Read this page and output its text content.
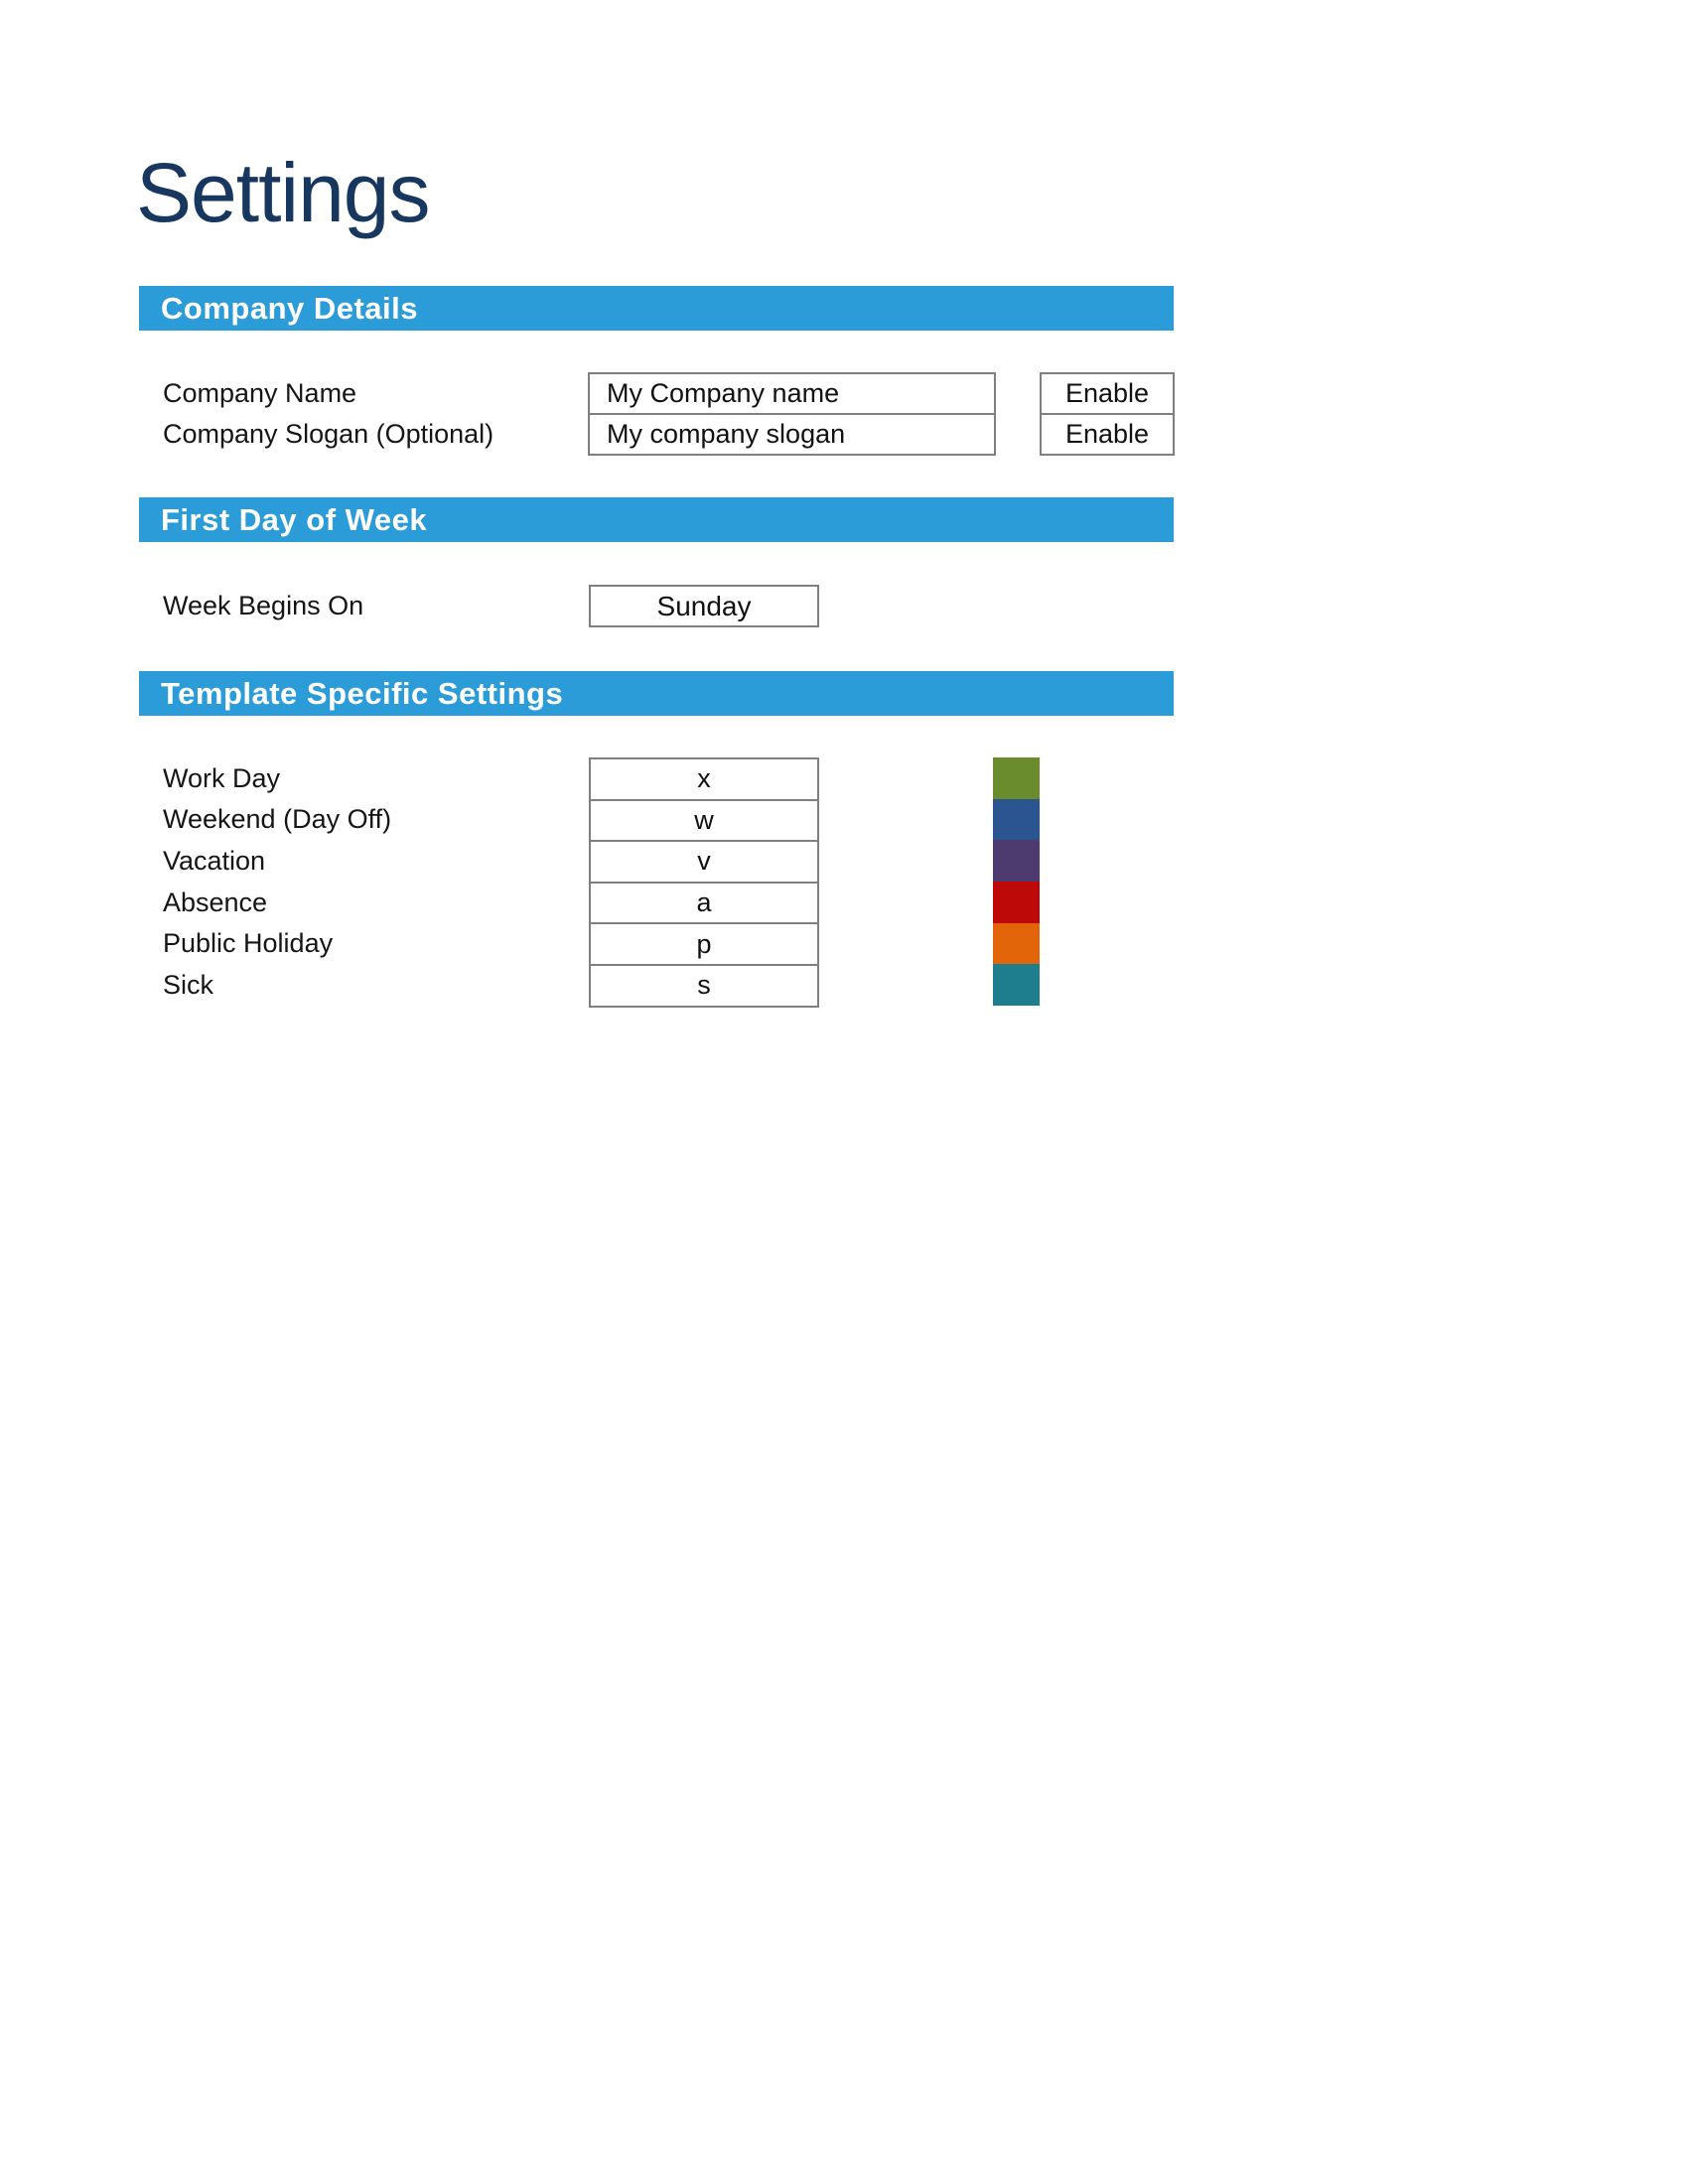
Settings
Company Details
Company Name
Company Slogan (Optional)
My Company name
My company slogan
Enable
Enable
First Day of Week
Week Begins On	Sunday
Template Specific Settings
Work Day
Weekend (Day Off)
Vacation
Absence
Public Holiday
Sick
x
w
v
a
p
s
